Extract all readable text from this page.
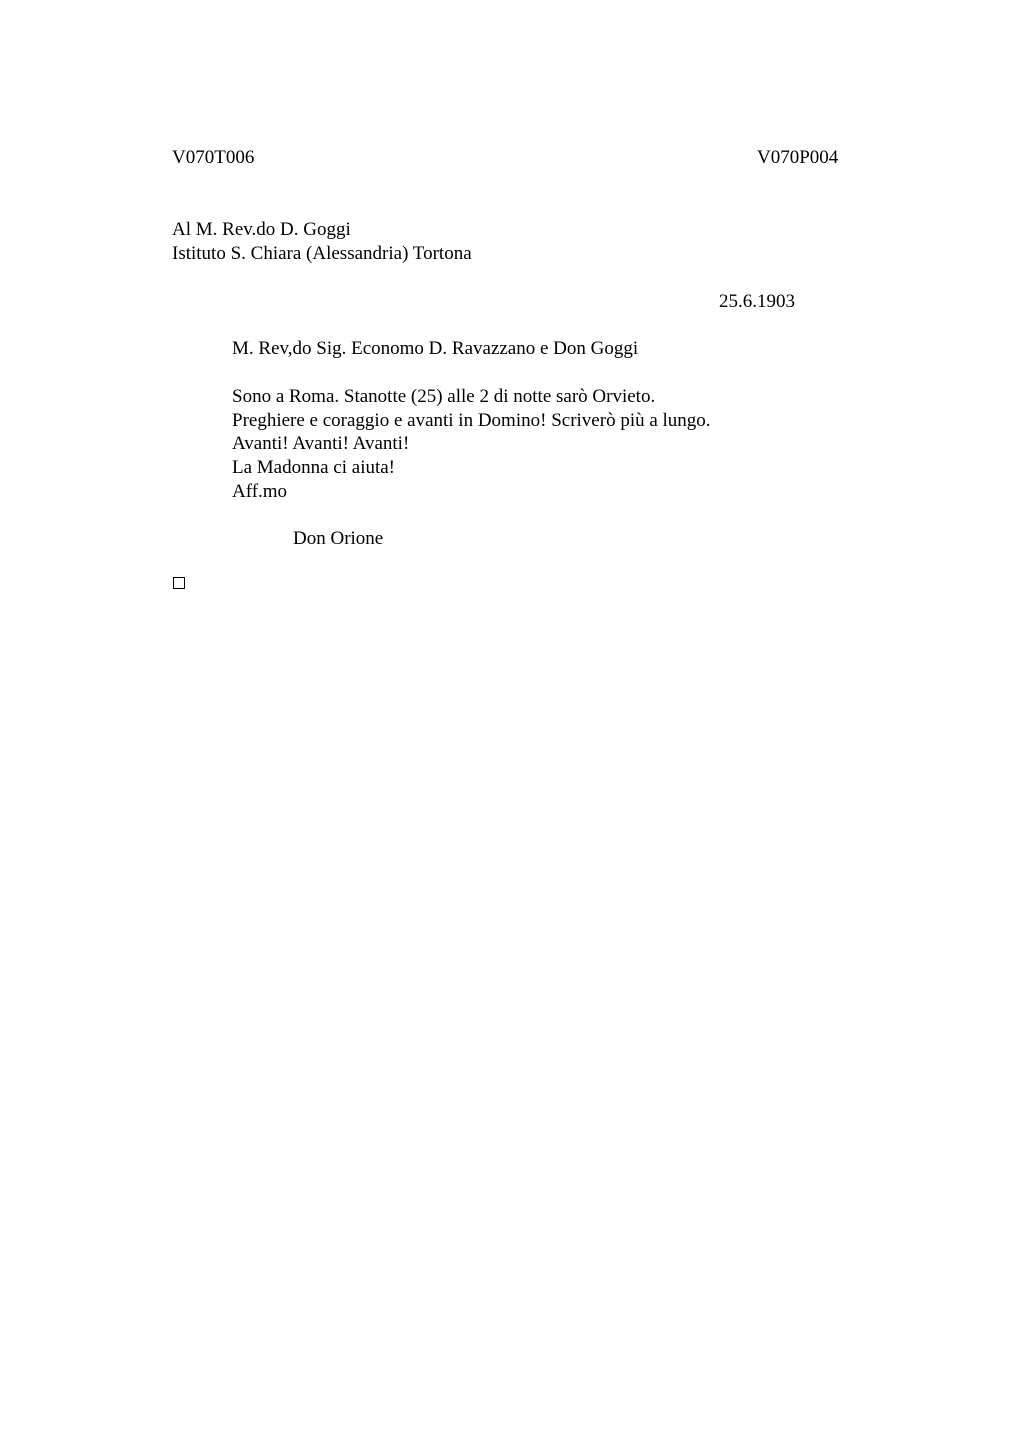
V070T006	V070P004
Al M. Rev.do D. Goggi
Istituto S. Chiara (Alessandria) Tortona
25.6.1903
M. Rev,do Sig. Economo D. Ravazzano e Don Goggi
Sono a Roma. Stanotte (25) alle 2 di notte sarò Orvieto.
Preghiere e coraggio e avanti in Domino! Scriverò più a lungo.
Avanti! Avanti! Avanti!
La Madonna ci aiuta!
Aff.mo
Don Orione
